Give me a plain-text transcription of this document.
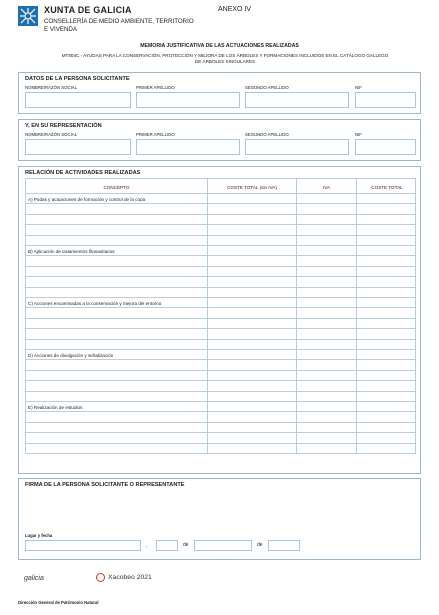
XUNTA DE GALICIA
CONSELLERÍA DE MEDIO AMBIENTE, TERRITORIO E VIVENDA
ANEXO IV
MEMORIA JUSTIFICATIVA DE LAS ACTUACIONES REALIZADAS
MT804C - AYUDAS PARA LA CONSERVACIÓN, PROTECCIÓN Y MEJORA DE LOS ÁRBOLES Y FORMACIONES INCLUIDOS EN EL CATÁLOGO GALLEGO DE ÁRBOLES SINGULARES
DATOS DE LA PERSONA SOLICITANTE
NOMBRE/RAZÓN SOCIAL	PRIMER APELLIDO	SEGUNDO APELLIDO	NIF
Y, EN SU REPRESENTACIÓN
NOMBRE/RAZÓN SOCIAL	PRIMER APELLIDO	SEGUNDO APELLIDO	NIF
RELACIÓN DE ACTIVIDADES REALIZADAS
CONCEPTO	COSTE TOTAL (sin IVA)	IVA	COSTE TOTAL
A) Podas y actuaciones de formación y control de la copa
B) Aplicación de tratamientos fitosanitarios
C) Acciones encaminadas a la conservación y mejora del entorno
D) Acciones de divulgación y señalización
E) Realización de estudios
FIRMA DE LA PERSONA SOLICITANTE O REPRESENTANTE
Lugar y fecha
,	de	de
galicia	Xacobeo 2021
Dirección General de Patrimonio Natural
